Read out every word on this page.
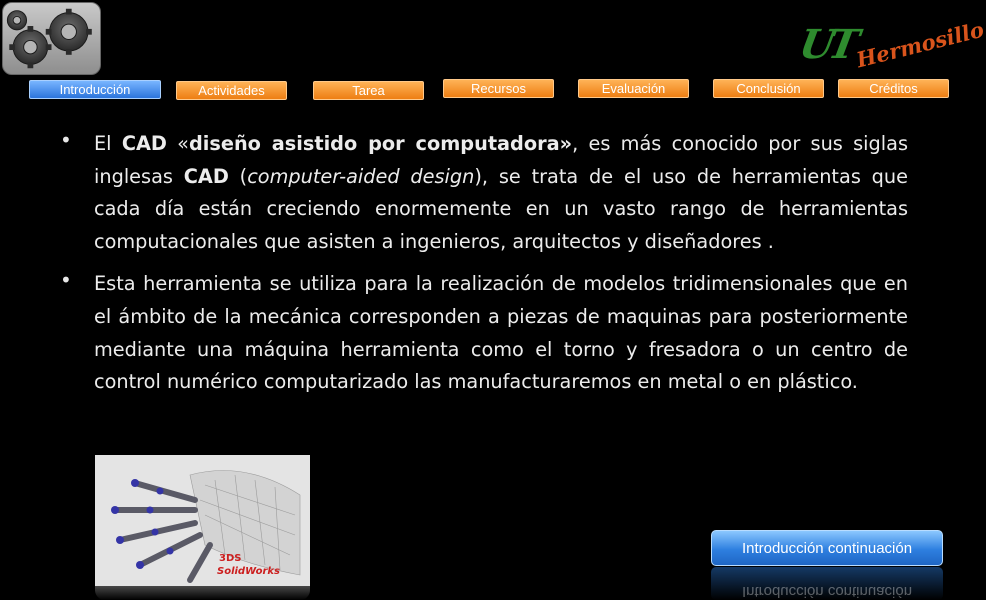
UT
Hermosillo
Introducción	Actividades	Tarea	Recursos	Evaluación	Conclusión	Créditos
• El CAD «diseño asistido por computadora», es más conocido por sus siglas inglesas CAD (computer-aided design), se trata de el uso de herramientas que cada día están creciendo enormemente en un vasto rango de herramientas computacionales que asisten a ingenieros, arquitectos y diseñadores .

• Esta herramienta se utiliza para la realización de modelos tridimensionales que en el ámbito de la mecánica corresponden a piezas de maquinas para posteriormente mediante una máquina herramienta como el torno y fresadora o un centro de control numérico computarizado las manufacturaremos en metal o en plástico.

3DS
SolidWorks
Introducción continuación
Introducción continuación
